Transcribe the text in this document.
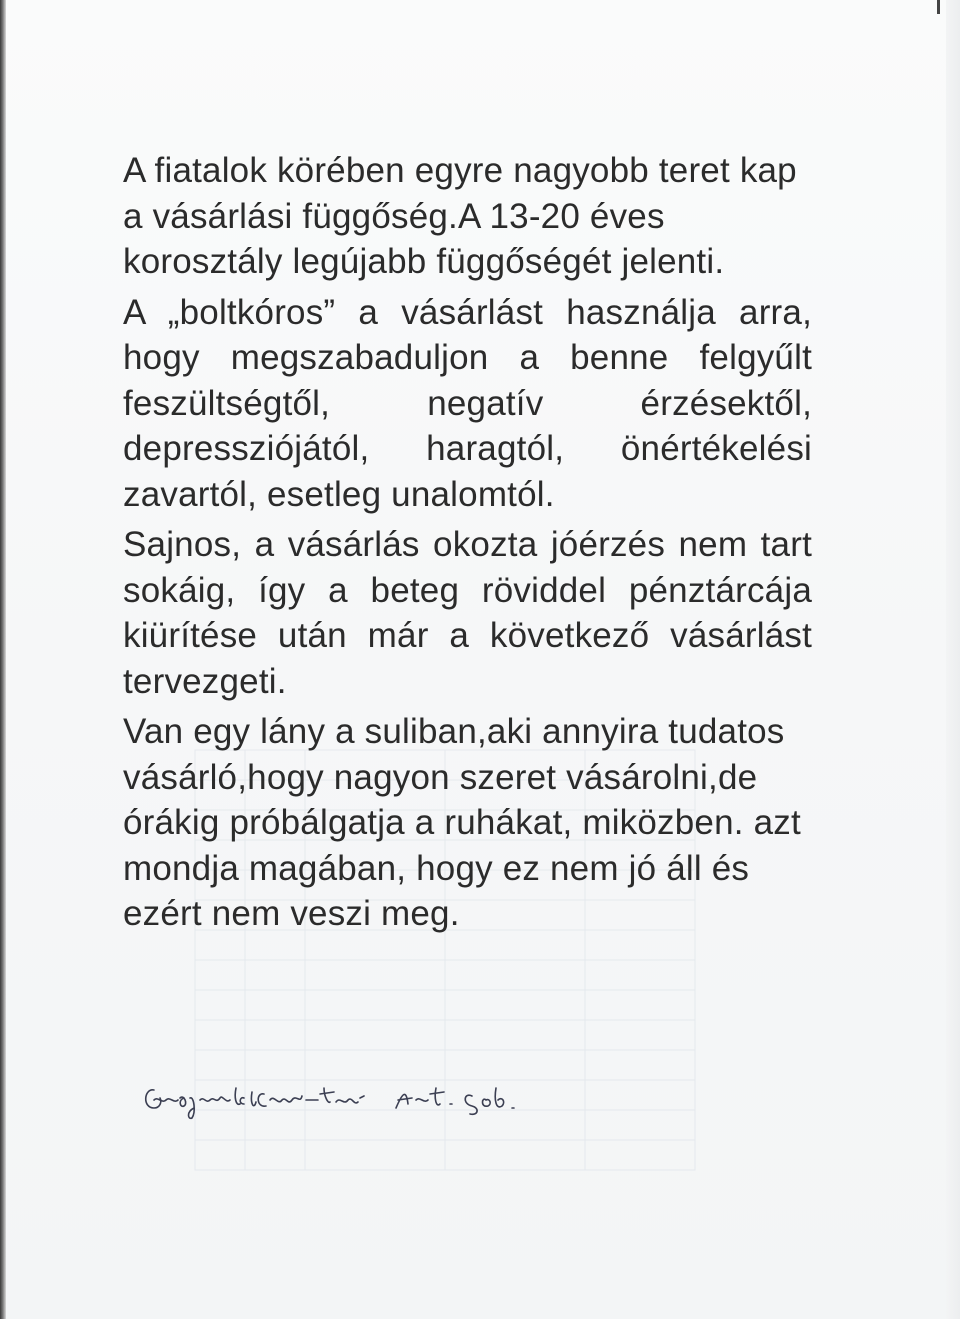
A fiatalok körében egyre nagyobb teret kap a vásárlási függőség.A 13-20 éves korosztály legújabb függőségét jelenti.

A „boltkóros” a vásárlást használja arra, hogy megszabaduljon a benne felgyűlt feszültségtől, negatív érzésektől, depressziójától, haragtól, önértékelési zavartól, esetleg unalomtól.

Sajnos, a vásárlás okozta jóérzés nem tart sokáig, így a beteg röviddel pénztárcája kiürítése után már a következő vásárlást tervezgeti.

Van egy lány a suliban,aki annyira tudatos vásárló,hogy nagyon szeret vásárolni,de órákig próbálgatja a ruhákat, miközben. azt mondja magában, hogy ez nem jó áll és ezért nem veszi meg.
